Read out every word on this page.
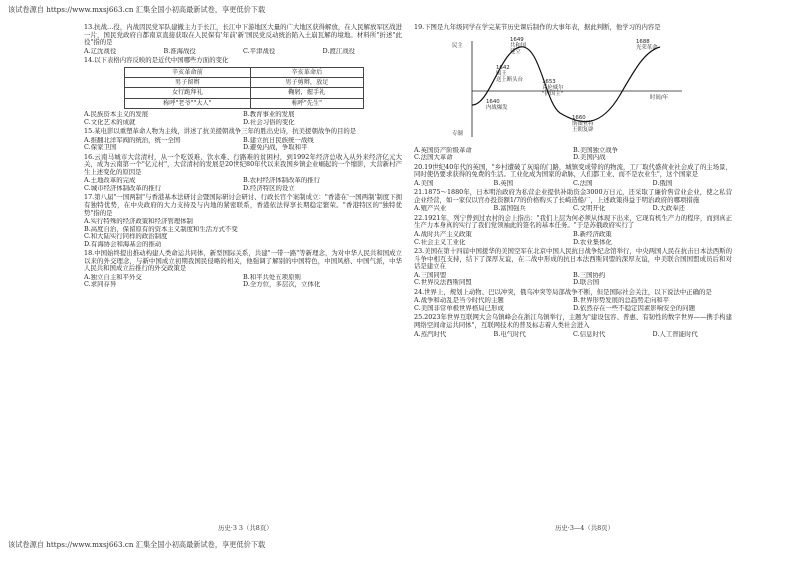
该试卷源自 https://www.mxsj663.cn 汇集全国小初高最新试卷，享更低价下载
13.抗战…役，内战因民党军队建撤主力于长江，长江中下游地区大量的广大地区获得解放，在人民解放军区战进一片，国民党政府自都南京直接获取在人民保有'年前'新'国民党反动统治陷入土崩瓦解的境地。材料所"折述"此役"指的是
A.辽沈战役	B.淮海战役	C.平津战役	D.渡江战役
14.以下表格内容反映的是近代中国哪些方面的变化
辛亥革命前	辛亥革命后
男子留辫	男子剪辫，放足
女行跪拜礼	鞠躬，握手礼
称呼"老爷""大人"	称呼"先生"
A.民族资本主义的发展	B.教育事业的发展
C.文化艺术的成就	D.社会习俗的变化
15.某电影以重塑革命人物为主线，讲述了抗美援朝战争三年的胜出史诗，抗美援朝战争的目的是
A.推翻北洋军阀的统治，统一全国	B.建立抗日民族统一战线
C.保家卫国	D.避免内战，争取和平
16.云南马城市大营清村，从一个吃饭难、饮水难、行路难的贫困村，到1992年经济总收入从外来经济亿元大关，成为云南第一个"亿元村"，大营清村的发展是20世纪80年代以来我国乡镇企业崛起的一个缩影，大营新村产生上述变化的原因是
A.土地改革的完成	B.农村经济体制改革的推行
C.城市经济体制改革的推行	D.经济特区的设立
17.第八届"一国两制"与香港基本法研讨会暨国际研讨会研讨、行政长官个案制成立："香港在'一国两制'制度下拥有独特优势，在中央政府的大力支持及与内地的紧密联系，香港依法得享长期稳定繁荣。"香港特区的"独特优势"指的是
A.实行特殊的经济政策和经济管理体制
B.高度自治，保留原有的资本主义制度和生活方式不变
C.和大陆实行同样的政治制度
D.有海协会和海基会的推动
18.中国始终提出推动构建人类命运共同体，新型国际关系，共建"一带一路"等新理念，为对中华人民共和国成立以来的外交理念，与新中国成立初期我国民侵略的相关，他强调了解别的中国特色，中国风格、中国气派，中华人民共和国成立后推行的外交政策是
A.独立自主和平外交	B.和平共处五项原则
C.求同存异	D.全方位，多层次，立体化
19.下图是九年级同学在学完某节历史课后制作的大事年表，据此判断，他学习的内容是
民主
专制
时间/年
1640 内战爆发
1642 国王送上断头台
1649 共和国建立
1653 克伦威尔"护国主"
1660 斯图亚特王朝复辟
1688 光荣革命
A.英国资产阶级革命	B.美国独立战争
C.法国大革命	D.美国内战
20.19世纪40年代的英国，"乡村遭破了灰暗的门路，城镇变成带的的物流，工厂取代盛荷业社会成了的主场景，同时使仍要求获得的免费的生活。工业化成为国家的命脉，人们都工业、而不是农业生"，这个国家是
A.美国	B.英国	C.法国	D.俄国
21.1875～1880年，日本明治政府为私营企业提供补助资金3000万日元，还采取了廉价售营业企业，使之私营企业经营，如一家仅以官办投资额1/7的价格购买了长崎造船厂，上述政策得益于明治政府的哪项措施
A.殖产兴业	B.富国强兵	C.文明开化	D.大政奉还
22.1921年，列宁曾到过农村的会上指出："我们上层为何必须从体现下出来，它现有机生产力的程序，而到真正生产力本身真的实行了我们党领袖此的签名的基本任务。"于是苏俄政府实行了
A.战时共产主义政策	B.新经济政策
C.社会主义工业化	D.农业集体化
23.美国在第十四届中国援华的美国空军在北京中国人民抗日战争纪念馆举行，中央两国人民在抗击日本法西斯的斗争中相互支持，结下了深厚友谊，在二战中形成的抗日本法西斯同盟的深厚友谊，中美联合国国盟成员后和对话是建立在
A.三国同盟	B.三国协约
C.世界反法西斯同盟	D.联合国
24.世界上，规划上动物、巴以冲突，俄乌冲突等局部战争不断，但是国际社会关注，以下说法中正确的是
A.战争和动乱是当今时代的主题	B.世界形势发展的总趋势走向和平
C.美国非常单极世界格局已形成	D.依然存在一些不稳定因素影响安全的问题
25.2023年世界互联网大会乌镇峰会在浙江乌镇举行，主题为"建设包容、普惠、有韧性的数字世界——携手构建网络空间命运共同体"，互联网技术的普及标志着人类社会进入
A.蒸汽时代	B.电气时代	C.信息时代	D.人工智能时代
历史·3 3（共8页）	历史·3—4（共8页）
该试卷源自 https://www.mxsj663.cn 汇集全国小初高最新试卷，享更低价下载
